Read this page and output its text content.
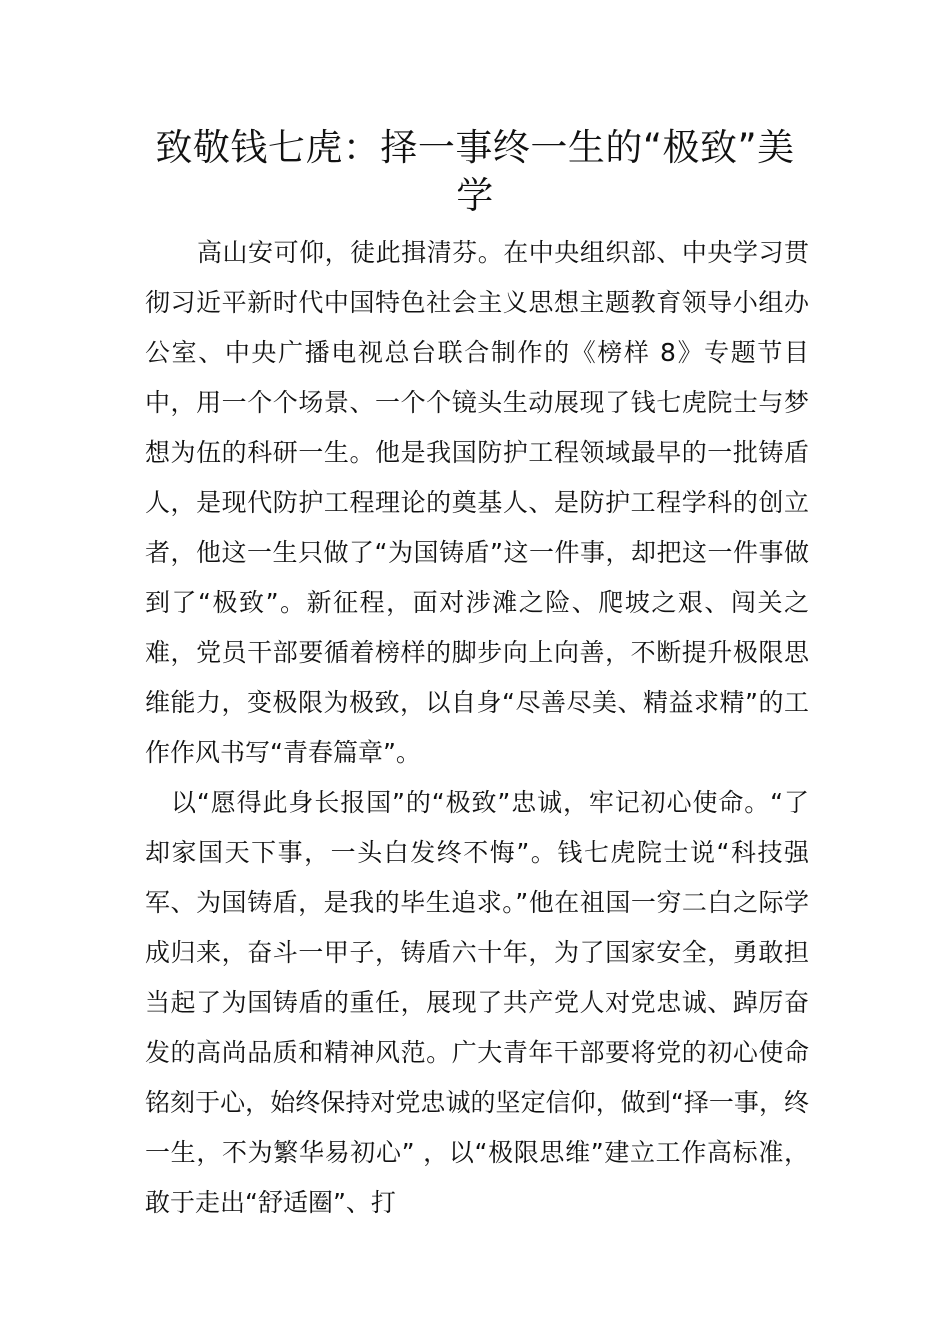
致敬钱七虎：择一事终一生的“极致”美学

高山安可仰，徒此揖清芬。在中央组织部、中央学习贯彻习近平新时代中国特色社会主义思想主题教育领导小组办公室、中央广播电视总台联合制作的《榜样 8》专题节目中，用一个个场景、一个个镜头生动展现了钱七虎院士与梦想为伍的科研一生。他是我国防护工程领域最早的一批铸盾人，是现代防护工程理论的奠基人、是防护工程学科的创立者，他这一生只做了“为国铸盾”这一件事，却把这一件事做到了“极致”。新征程，面对涉滩之险、爬坡之艰、闯关之难，党员干部要循着榜样的脚步向上向善，不断提升极限思维能力，变极限为极致，以自身“尽善尽美、精益求精”的工作作风书写“青春篇章”。

以“愿得此身长报国”的“极致”忠诚，牢记初心使命。“了却家国天下事，一头白发终不悔”。钱七虎院士说“科技强军、为国铸盾，是我的毕生追求。”他在祖国一穷二白之际学成归来，奋斗一甲子，铸盾六十年，为了国家安全，勇敢担当起了为国铸盾的重任，展现了共产党人对党忠诚、踔厉奋发的高尚品质和精神风范。广大青年干部要将党的初心使命铭刻于心，始终保持对党忠诚的坚定信仰，做到“择一事，终一生，不为繁华易初心” ，以“极限思维”建立工作高标准，敢于走出“舒适圈”、打
